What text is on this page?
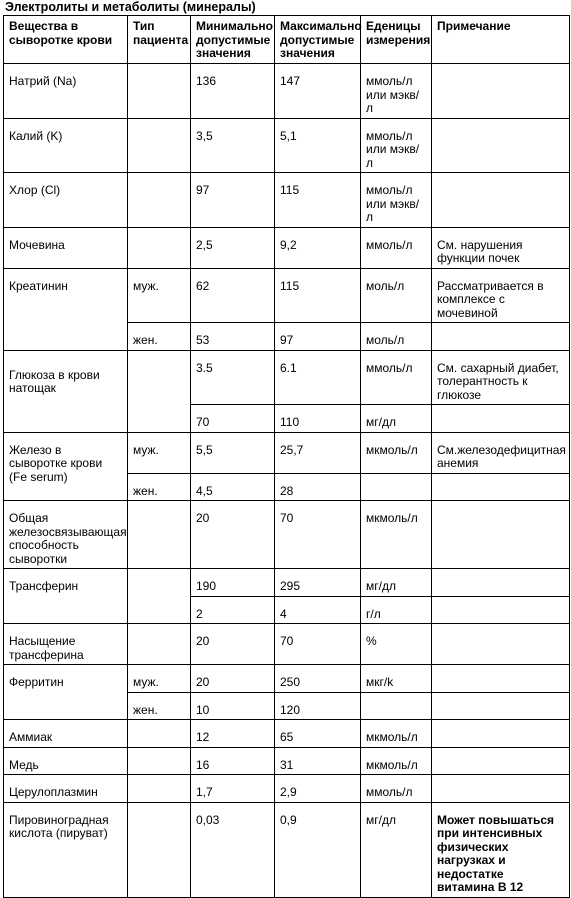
Электролиты и метаболиты (минералы)
Вещества в сыворотке крови	Тип пациента	Минимально допустимые значения	Максимально допустимые значения	Еденицы измерения	Примечание
Натрий (Na)		136	147	ммоль/л или мэкв/л	
Калий (K)		3,5	5,1	ммоль/л или мэкв/л	
Хлор (Cl)		97	115	ммоль/л или мэкв/л	
Мочевина		2,5	9,2	ммоль/л	См. нарушения функции почек
Креатинин	муж.	62	115	моль/л	Рассматривается в комплексе с мочевиной
	жен.	53	97	моль/л	
Глюкоза в крови натощак		3.5	6.1	ммоль/л	См. сахарный диабет, толерантность к глюкозе
		70	110	мг/дл	
Железо в сыворотке крови (Fe serum)	муж.	5,5	25,7	мкмоль/л	См.железодефицитная анемия
	жен.	4,5	28		
Общая железосвязывающая способность сыворотки		20	70	мкмоль/л	
Трансферин		190	295	мг/дл	
		2	4	г/л	
Насыщение трансферина		20	70	%	
Ферритин	муж.	20	250	мкг/k	
	жен.	10	120		
Аммиак		12	65	мкмоль/л	
Медь		16	31	мкмоль/л	
Церулоплазмин		1,7	2,9	ммоль/л	
Пировиноградная кислота (пируват)		0,03	0,9	мг/дл	Может повышаться при интенсивных физических нагрузках и недостатке витамина В 12
